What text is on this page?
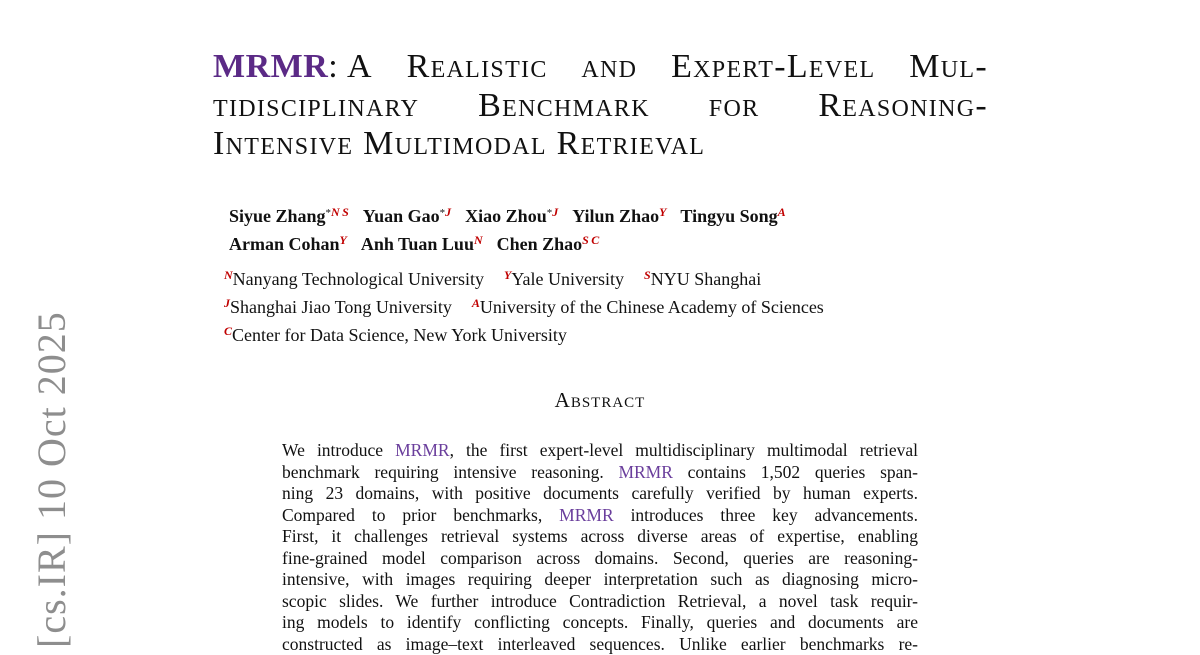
[cs.IR] 10 Oct 2025
MRMR: A Realistic and Expert-Level Mul-
tidisciplinary Benchmark for Reasoning-
Intensive
Multimodal
Retrieval
Siyue Zhang$^{*N S}$ Yuan Gao$^{*J}$ Xiao Zhou$^{*J}$ Yilun Zhao$^Y$ Tingyu Song$^A$
Arman Cohan$^Y$ Anh Tuan Luu$^N$ Chen Zhao$^{S C}$
$^N$Nanyang Technological University $^Y$Yale University $^S$NYU Shanghai
$^J$Shanghai Jiao Tong University $^A$University of the Chinese Academy of Sciences
$^C$Center for Data Science, New York University
Abstract
We introduce MRMR, the first expert-level multidisciplinary multimodal retrieval
benchmark requiring intensive reasoning. MRMR contains 1,502 queries span-
ning 23 domains, with positive documents carefully verified by human experts.
Compared to prior benchmarks, MRMR introduces three key advancements.
First, it challenges retrieval systems across diverse areas of expertise, enabling
fine-grained model comparison across domains. Second, queries are reasoning-
intensive, with images requiring deeper interpretation such as diagnosing micro-
scopic slides. We further introduce Contradiction Retrieval, a novel task requir-
ing models to identify conflicting concepts. Finally, queries and documents are
constructed as image–text interleaved sequences. Unlike earlier benchmarks re-
